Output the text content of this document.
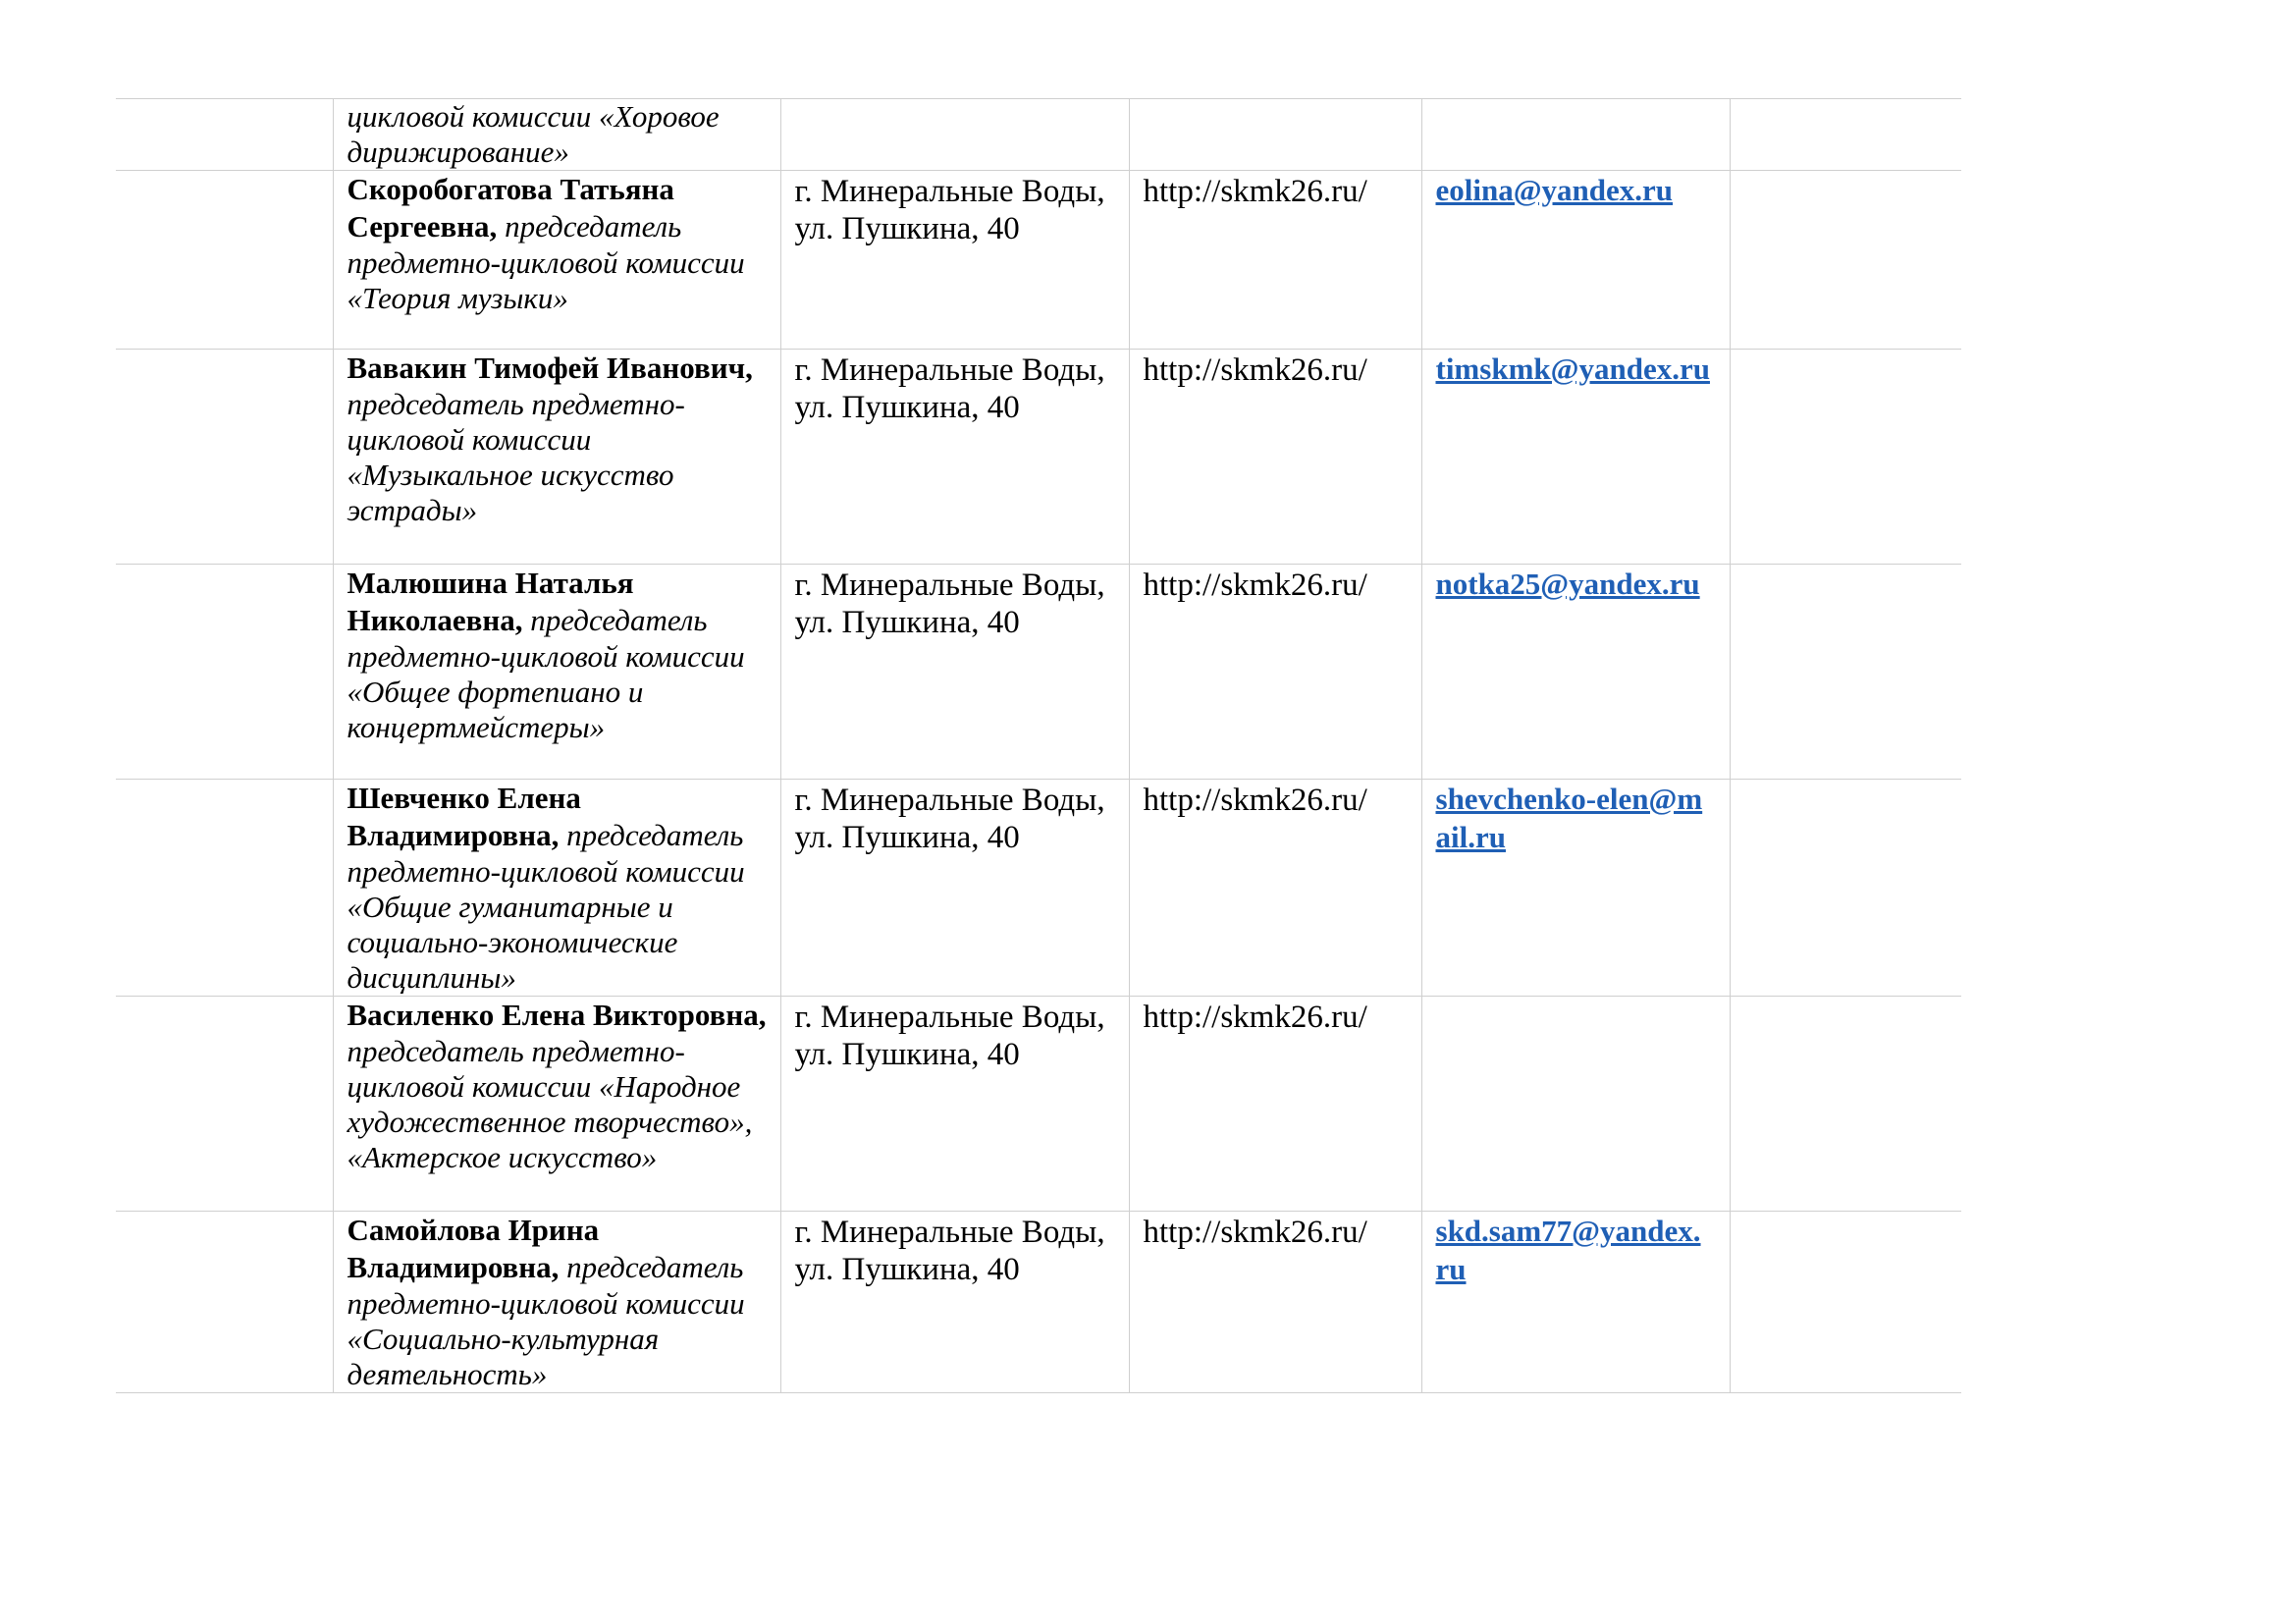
	цикловой комиссии «Хоровое дирижирование»				
	Скоробогатова Татьяна Сергеевна, председатель предметно-цикловой комиссии «Теория музыки»	г. Минеральные Воды, ул. Пушкина, 40	http://skmk26.ru/	eolina@yandex.ru	
	Вавакин Тимофей Иванович, председатель предметно-цикловой комиссии «Музыкальное искусство эстрады»	г. Минеральные Воды, ул. Пушкина, 40	http://skmk26.ru/	timskmk@yandex.ru	
	Малюшина Наталья Николаевна, председатель предметно-цикловой комиссии «Общее фортепиано и концертмейстеры»	г. Минеральные Воды, ул. Пушкина, 40	http://skmk26.ru/	notka25@yandex.ru	
	Шевченко Елена Владимировна, председатель предметно-цикловой комиссии «Общие гуманитарные и социально-экономические дисциплины»	г. Минеральные Воды, ул. Пушкина, 40	http://skmk26.ru/	shevchenko-elen@mail.ru	
	Василенко Елена Викторовна, председатель предметно-цикловой комиссии «Народное художественное творчество», «Актерское искусство»	г. Минеральные Воды, ул. Пушкина, 40	http://skmk26.ru/		

	Самойлова Ирина Владимировна, председатель предметно-цикловой комиссии «Социально-культурная деятельность»	г. Минеральные Воды, ул. Пушкина, 40	http://skmk26.ru/	skd.sam77@yandex.ru	
